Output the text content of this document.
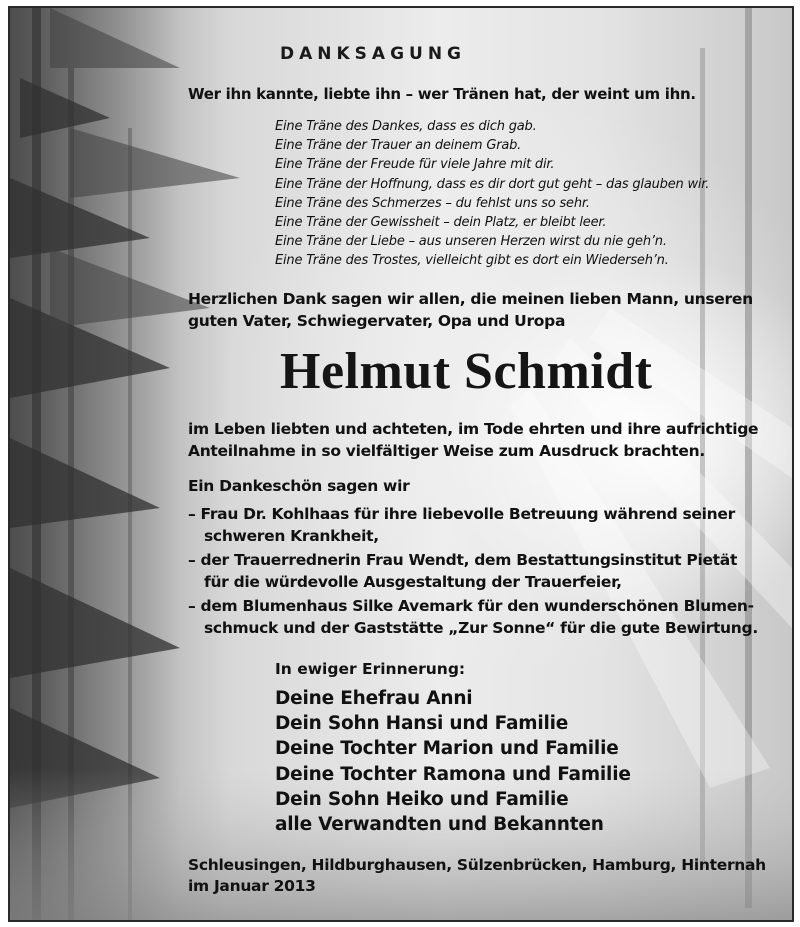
DANKSAGUNG

Wer ihn kannte, liebte ihn – wer Tränen hat, der weint um ihn.

Eine Träne des Dankes, dass es dich gab.
Eine Träne der Trauer an deinem Grab.
Eine Träne der Freude für viele Jahre mit dir.
Eine Träne der Hoffnung, dass es dir dort gut geht – das glauben wir.
Eine Träne des Schmerzes – du fehlst uns so sehr.
Eine Träne der Gewissheit – dein Platz, er bleibt leer.
Eine Träne der Liebe – aus unseren Herzen wirst du nie geh’n.
Eine Träne des Trostes, vielleicht gibt es dort ein Wiederseh’n.

Herzlichen Dank sagen wir allen, die meinen lieben Mann, unseren
guten Vater, Schwiegervater, Opa und Uropa

Helmut Schmidt

im Leben liebten und achteten, im Tode ehrten und ihre aufrichtige
Anteilnahme in so vielfältiger Weise zum Ausdruck brachten.

Ein Dankeschön sagen wir

– Frau Dr. Kohlhaas für ihre liebevolle Betreuung während seiner
schweren Krankheit,
– der Trauerrednerin Frau Wendt, dem Bestattungsinstitut Pietät
für die würdevolle Ausgestaltung der Trauerfeier,
– dem Blumenhaus Silke Avemark für den wunderschönen Blumen-
schmuck und der Gaststätte „Zur Sonne“ für die gute Bewirtung.

In ewiger Erinnerung:

Deine Ehefrau Anni
Dein Sohn Hansi und Familie
Deine Tochter Marion und Familie
Deine Tochter Ramona und Familie
Dein Sohn Heiko und Familie
alle Verwandten und Bekannten

Schleusingen, Hildburghausen, Sülzenbrücken, Hamburg, Hinternah
im Januar 2013
